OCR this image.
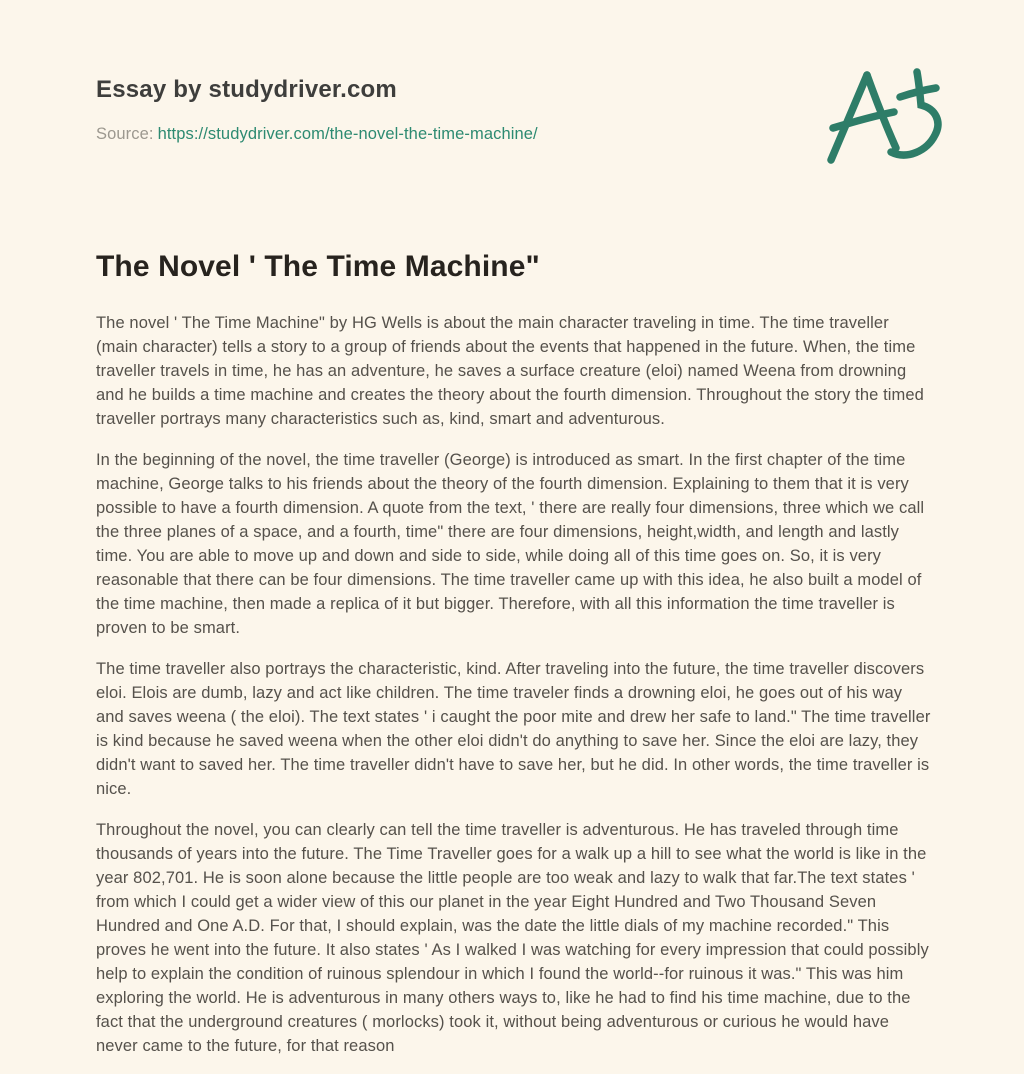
Essay by studydriver.com
Source: https://studydriver.com/the-novel-the-time-machine/
The Novel ' The Time Machine"

The novel ' The Time Machine" by HG Wells is about the main character traveling in time. The time traveller (main character) tells a story to a group of friends about the events that happened in the future. When, the time traveller travels in time, he has an adventure, he saves a surface creature (eloi) named Weena from drowning and he builds a time machine and creates the theory about the fourth dimension. Throughout the story the timed traveller portrays many characteristics such as, kind, smart and adventurous.

In the beginning of the novel, the time traveller (George) is introduced as smart. In the first chapter of the time machine, George talks to his friends about the theory of the fourth dimension. Explaining to them that it is very possible to have a fourth dimension. A quote from the text, ' there are really four dimensions, three which we call the three planes of a space, and a fourth, time" there are four dimensions, height,width, and length and lastly time. You are able to move up and down and side to side, while doing all of this time goes on. So, it is very reasonable that there can be four dimensions. The time traveller came up with this idea, he also built a model of the time machine, then made a replica of it but bigger. Therefore, with all this information the time traveller is proven to be smart.

The time traveller also portrays the characteristic, kind. After traveling into the future, the time traveller discovers eloi. Elois are dumb, lazy and act like children. The time traveler finds a drowning eloi, he goes out of his way and saves weena ( the eloi). The text states ' i caught the poor mite and drew her safe to land." The time traveller is kind because he saved weena when the other eloi didn't do anything to save her. Since the eloi are lazy, they didn't want to saved her. The time traveller didn't have to save her, but he did. In other words, the time traveller is nice.

Throughout the novel, you can clearly can tell the time traveller is adventurous. He has traveled through time thousands of years into the future. The Time Traveller goes for a walk up a hill to see what the world is like in the year 802,701. He is soon alone because the little people are too weak and lazy to walk that far.The text states ' from which I could get a wider view of this our planet in the year Eight Hundred and Two Thousand Seven Hundred and One A.D. For that, I should explain, was the date the little dials of my machine recorded." This proves he went into the future. It also states ' As I walked I was watching for every impression that could possibly help to explain the condition of ruinous splendour in which I found the world--for ruinous it was." This was him exploring the world. He is adventurous in many others ways to, like he had to find his time machine, due to the fact that the underground creatures ( morlocks) took it, without being adventurous or curious he would have never came to the future, for that reason
